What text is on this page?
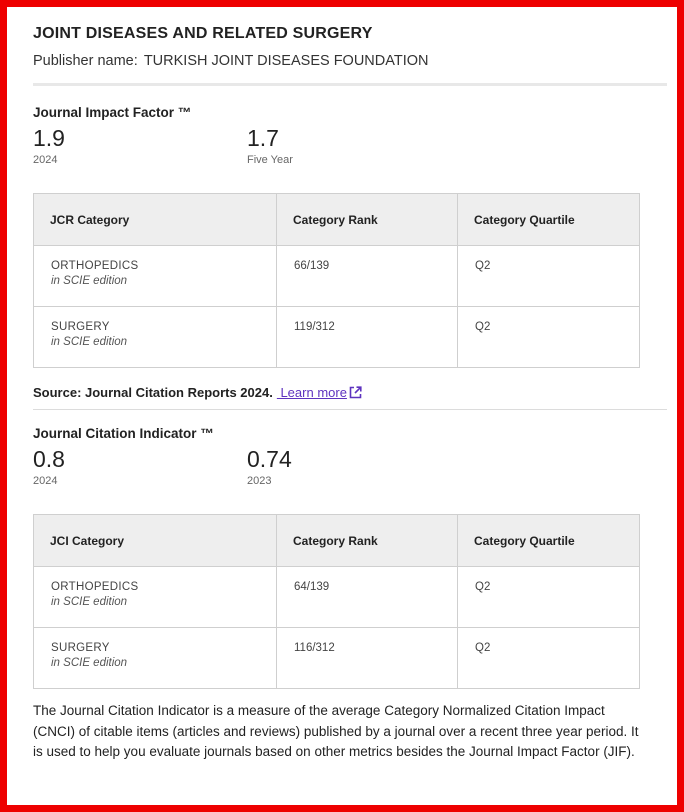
JOINT DISEASES AND RELATED SURGERY
Publisher name: TURKISH JOINT DISEASES FOUNDATION
Journal Impact Factor ™
1.9
2024
1.7
Five Year
JCR Category	Category Rank	Category Quartile

ORTHOPEDICS
in SCIE edition	66/139	Q2

SURGERY
in SCIE edition	119/312	Q2
Source: Journal Citation Reports 2024. Learn more
Journal Citation Indicator ™
0.8
2024
0.74
2023
JCI Category	Category Rank	Category Quartile

ORTHOPEDICS
in SCIE edition	64/139	Q2

SURGERY
in SCIE edition	116/312	Q2

The Journal Citation Indicator is a measure of the average Category Normalized Citation Impact (CNCI) of citable items (articles and reviews) published by a journal over a recent three year period. It is used to help you evaluate journals based on other metrics besides the Journal Impact Factor (JIF).
